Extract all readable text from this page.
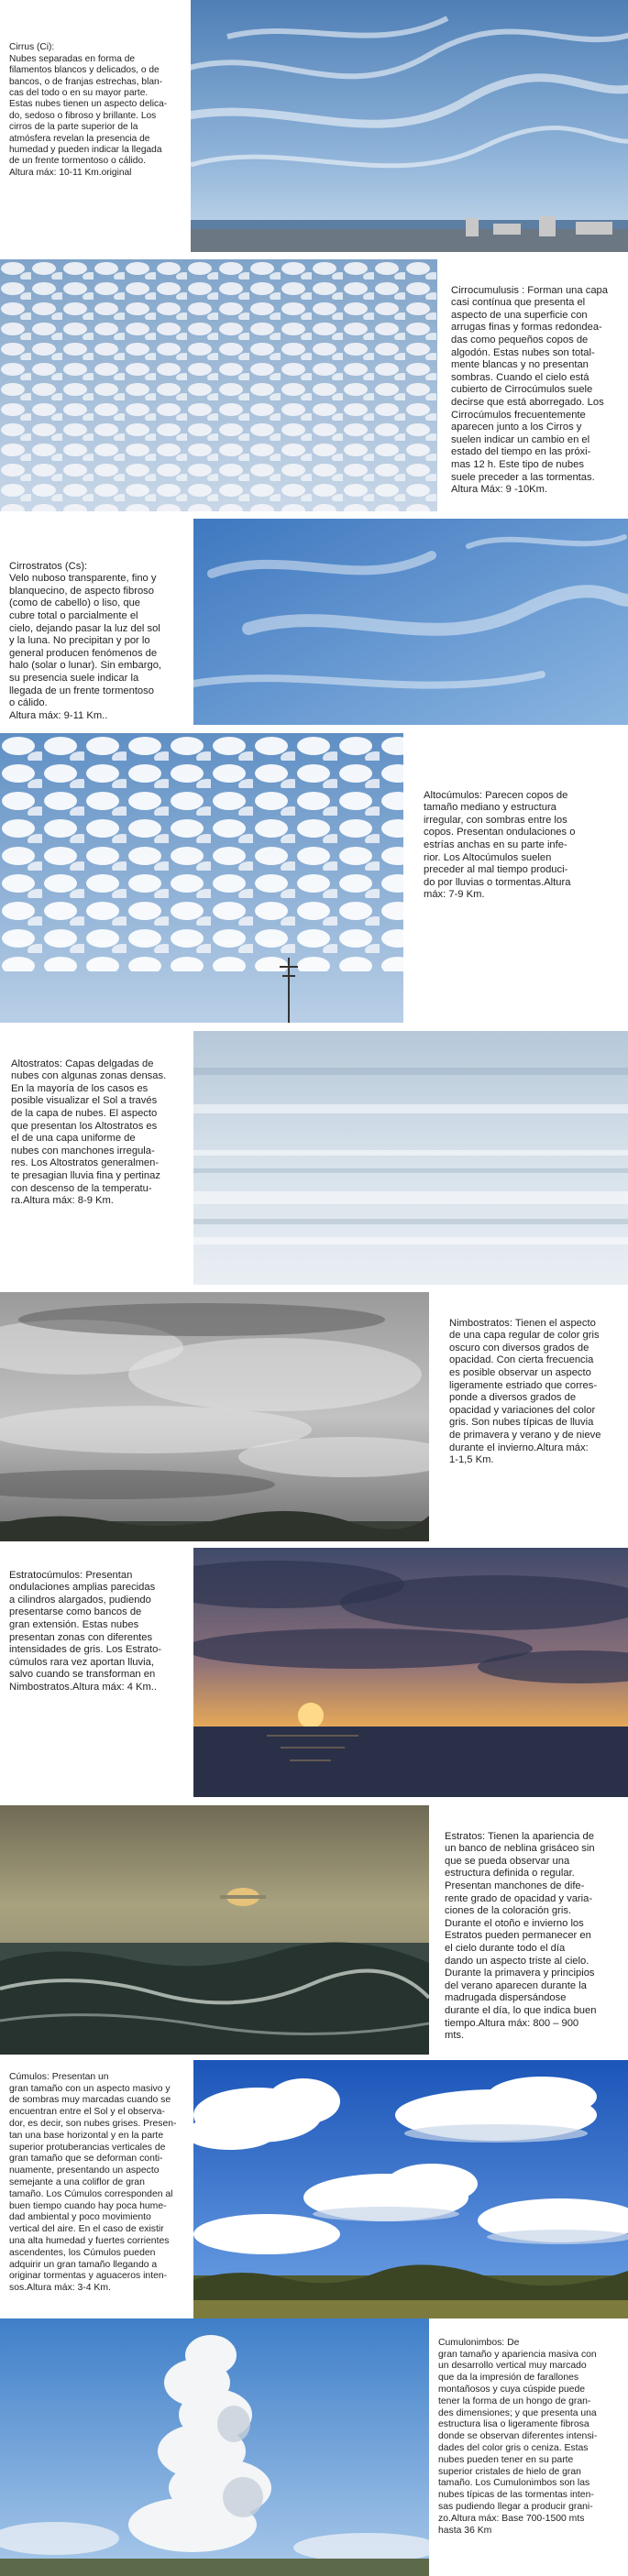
Cirrus (Ci):
Nubes separadas en forma de
filamentos blancos y delicados, o de
bancos, o de franjas estrechas, blan-
cas del todo o en su mayor parte.
Estas nubes tienen un aspecto delica-
do, sedoso o fibroso y brillante. Los
cirros de la parte superior de la
atmósfera revelan la presencia de
humedad y pueden indicar la llegada
de un frente tormentoso o cálido.
Altura máx: 10-11 Km.original

Cirrocumulusis : Forman una capa
casi contínua que presenta el
aspecto de una superficie con
arrugas finas y formas redondea-
das como pequeños copos de
algodón. Estas nubes son total-
mente blancas y no presentan
sombras. Cuando el cielo está
cubierto de Cirrocúmulos suele
decirse que está aborregado. Los
Cirrocúmulos frecuentemente
aparecen junto a los Cirros y
suelen indicar un cambio en el
estado del tiempo en las próxi-
mas 12 h. Este tipo de nubes
suele preceder a las tormentas.
Altura Máx: 9 -10Km.

Cirrostratos (Cs):
Velo nuboso transparente, fino y
blanquecino, de aspecto fibroso
(como de cabello) o liso, que
cubre total o parcialmente el
cielo, dejando pasar la luz del sol
y la luna. No precipitan y por lo
general producen fenómenos de
halo (solar o lunar). Sin embargo,
su presencia suele indicar la
llegada de un frente tormentoso
o cálido.
Altura máx: 9-11 Km..

Altocúmulos: Parecen copos de
tamaño mediano y estructura
irregular, con sombras entre los
copos. Presentan ondulaciones o
estrías anchas en su parte infe-
rior. Los Altocúmulos suelen
preceder al mal tiempo produci-
do por lluvias o tormentas.Altura
máx: 7-9 Km.

Altostratos: Capas delgadas de
nubes con algunas zonas densas.
En la mayoría de los casos es
posible visualizar el Sol a través
de la capa de nubes. El aspecto
que presentan los Altostratos es
el de una capa uniforme de
nubes con manchones irregula-
res. Los Altostratos generalmen-
te presagian lluvia fina y pertinaz
con descenso de la temperatu-
ra.Altura máx: 8-9 Km.

Nimbostratos: Tienen el aspecto
de una capa regular de color gris
oscuro con diversos grados de
opacidad. Con cierta frecuencia
es posible observar un aspecto
ligeramente estriado que corres-
ponde a diversos grados de
opacidad y variaciones del color
gris. Son nubes típicas de lluvia
de primavera y verano y de nieve
durante el invierno.Altura máx:
1-1,5 Km.

Estratocúmulos: Presentan
ondulaciones amplias parecidas
a cilindros alargados, pudiendo
presentarse como bancos de
gran extensión. Estas nubes
presentan zonas con diferentes
intensidades de gris. Los Estrato-
cúmulos rara vez aportan lluvia,
salvo cuando se transforman en
Nimbostratos.Altura máx: 4 Km..

Estratos: Tienen la apariencia de
un banco de neblina grisáceo sin
que se pueda observar una
estructura definida o regular.
Presentan manchones de dife-
rente grado de opacidad y varia-
ciones de la coloración gris.
Durante el otoño e invierno los
Estratos pueden permanecer en
el cielo durante todo el día
dando un aspecto triste al cielo.
Durante la primavera y principios
del verano aparecen durante la
madrugada dispersándose
durante el día, lo que indica buen
tiempo.Altura máx: 800 – 900
mts.

Cúmulos: Presentan un
gran tamaño con un aspecto masivo y
de sombras muy marcadas cuando se
encuentran entre el Sol y el observa-
dor, es decir, son nubes grises. Presen-
tan una base horizontal y en la parte
superior protuberancias verticales de
gran tamaño que se deforman conti-
nuamente, presentando un aspecto
semejante a una coliflor de gran
tamaño. Los Cúmulos corresponden al
buen tiempo cuando hay poca hume-
dad ambiental y poco movimiento
vertical del aire. En el caso de existir
una alta humedad y fuertes corrientes
ascendentes, los Cúmulos pueden
adquirir un gran tamaño llegando a
originar tormentas y aguaceros inten-
sos.Altura máx: 3-4 Km.

Cumulonimbos: De
gran tamaño y apariencia masiva con
un desarrollo vertical muy marcado
que da la impresión de farallones
montañosos y cuya cúspide puede
tener la forma de un hongo de gran-
des dimensiones; y que presenta una
estructura lisa o ligeramente fibrosa
donde se observan diferentes intensi-
dades del color gris o ceniza. Estas
nubes pueden tener en su parte
superior cristales de hielo de gran
tamaño. Los Cumulonimbos son las
nubes típicas de las tormentas inten-
sas pudiendo llegar a producir grani-
zo.Altura máx: Base 700-1500 mts
hasta 36 Km
